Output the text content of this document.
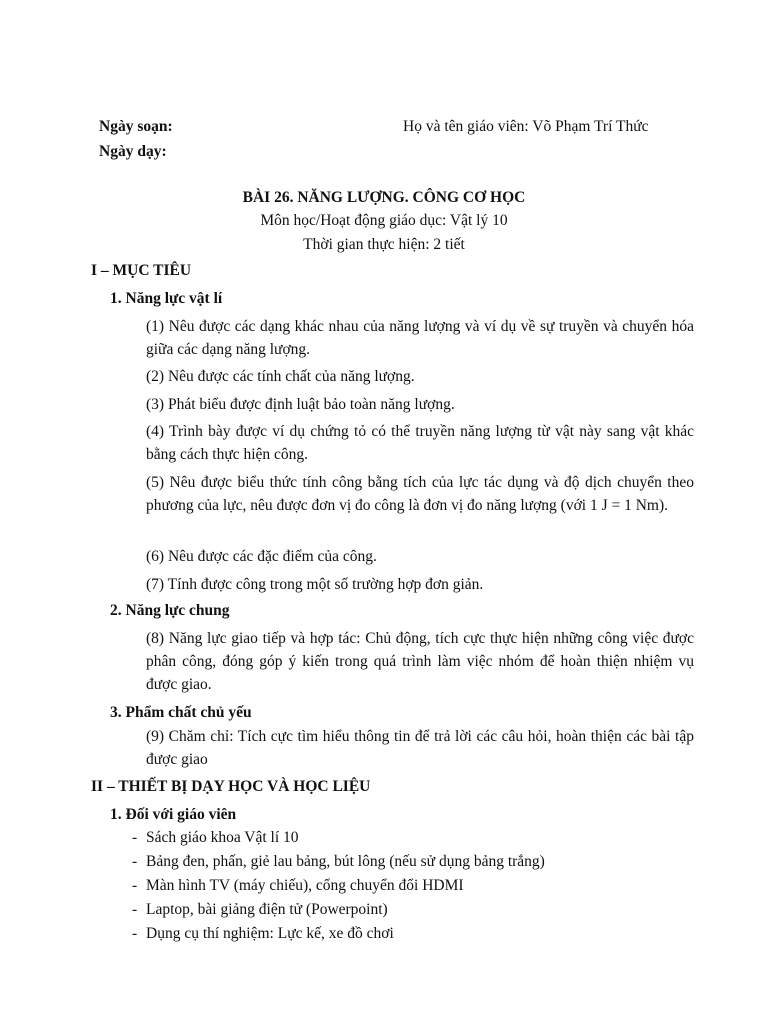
Ngày soạn:	Họ và tên giáo viên: Võ Phạm Trí Thức
Ngày dạy:
BÀI 26. NĂNG LƯỢNG. CÔNG CƠ HỌC
Môn học/Hoạt động giáo dục: Vật lý 10
Thời gian thực hiện: 2 tiết
I – MỤC TIÊU
1. Năng lực vật lí
(1) Nêu được các dạng khác nhau của năng lượng và ví dụ về sự truyền và chuyển hóa giữa các dạng năng lượng.
(2) Nêu được các tính chất của năng lượng.
(3) Phát biểu được định luật bảo toàn năng lượng.
(4) Trình bày được ví dụ chứng tỏ có thể truyền năng lượng từ vật này sang vật khác bằng cách thực hiện công.
(5) Nêu được biểu thức tính công bằng tích của lực tác dụng và độ dịch chuyển theo phương của lực, nêu được đơn vị đo công là đơn vị đo năng lượng (với 1 J = 1 Nm).
(6) Nêu được các đặc điểm của công.
(7) Tính được công trong một số trường hợp đơn giản.
2. Năng lực chung
(8) Năng lực giao tiếp và hợp tác: Chủ động, tích cực thực hiện những công việc được phân công, đóng góp ý kiến trong quá trình làm việc nhóm để hoàn thiện nhiệm vụ được giao.
3. Phẩm chất chủ yếu
(9) Chăm chỉ: Tích cực tìm hiểu thông tin để trả lời các câu hỏi, hoàn thiện các bài tập được giao
II – THIẾT BỊ DẠY HỌC VÀ HỌC LIỆU
1. Đối với giáo viên
- Sách giáo khoa Vật lí 10
- Bảng đen, phấn, giẻ lau bảng, bút lông (nếu sử dụng bảng trắng)
- Màn hình TV (máy chiếu), cổng chuyển đổi HDMI
- Laptop, bài giảng điện tử (Powerpoint)
- Dụng cụ thí nghiệm: Lực kế, xe đồ chơi
